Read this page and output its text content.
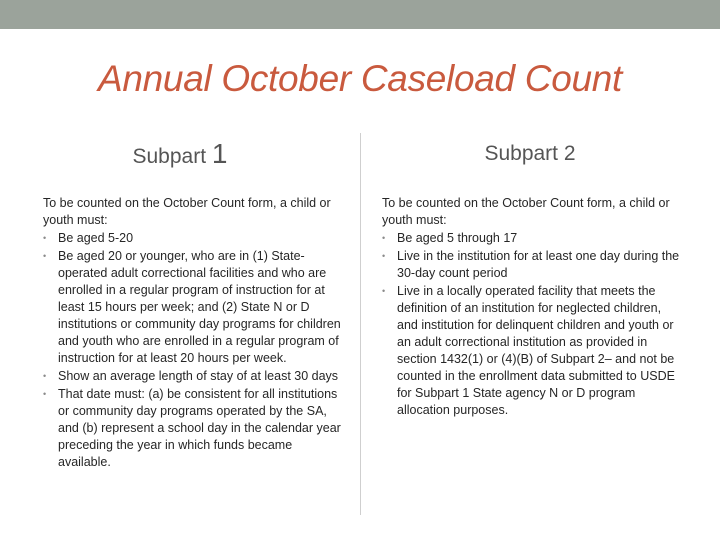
Annual October Caseload Count
Subpart 1	Subpart 2
To be counted on the October Count form, a child or youth must:
• Be aged 5-20
• Be aged 20 or younger, who are in (1) State-operated adult correctional facilities and who are enrolled in a regular program of instruction for at least 15 hours per week; and (2) State N or D institutions or community day programs for children and youth who are enrolled in a regular program of instruction for at least 20 hours per week.
• Show an average length of stay of at least 30 days
• That date must: (a) be consistent for all institutions or community day programs operated by the SA, and (b) represent a school day in the calendar year preceding the year in which funds became available.
To be counted on the October Count form, a child or youth must:
• Be aged 5 through 17
• Live in the institution for at least one day during the 30-day count period
• Live in a locally operated facility that meets the definition of an institution for neglected children, and institution for delinquent children and youth or an adult correctional institution as provided in section 1432(1) or (4)(B) of Subpart 2– and not be counted in the enrollment data submitted to USDE for Subpart 1 State agency N or D program allocation purposes.
